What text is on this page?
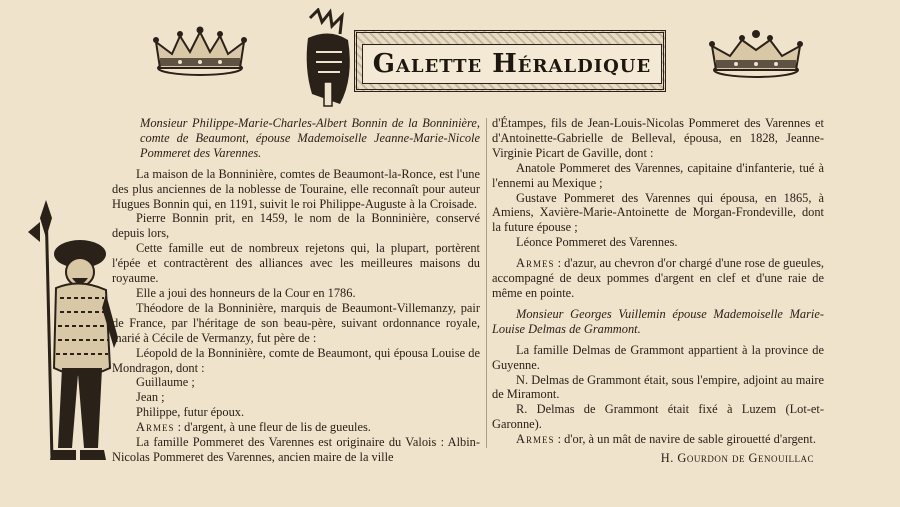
Galette Héraldique

Monsieur Philippe-Marie-Charles-Albert Bonnin de la Bonninière, comte de Beaumont, épouse Mademoiselle Jeanne-Marie-Nicole Pommeret des Varennes.

La maison de la Bonninière, comtes de Beaumont-la-Ronce, est l'une des plus anciennes de la noblesse de Touraine, elle reconnaît pour auteur Hugues Bonnin qui, en 1191, suivit le roi Philippe-Auguste à la Croisade.

Pierre Bonnin prit, en 1459, le nom de la Bonninière, conservé depuis lors,

Cette famille eut de nombreux rejetons qui, la plupart, portèrent l'épée et contractèrent des alliances avec les meilleures maisons du royaume.

Elle a joui des honneurs de la Cour en 1786.

Théodore de la Bonninière, marquis de Beaumont-Villemanzy, pair de France, par l'héritage de son beau-père, suivant ordonnance royale, marié à Cécile de Vermanzy, fut père de :

Léopold de la Bonninière, comte de Beaumont, qui épousa Louise de Mondragon, dont :

Guillaume ;

Jean ;

Philippe, futur époux.

Armes : d'argent, à une fleur de lis de gueules.

La famille Pommeret des Varennes est originaire du Valois : Albin-Nicolas Pommeret des Varennes, ancien maire de la ville

d'Étampes, fils de Jean-Louis-Nicolas Pommeret des Varennes et d'Antoinette-Gabrielle de Belleval, épousa, en 1828, Jeanne-Virginie Picart de Gaville, dont :

Anatole Pommeret des Varennes, capitaine d'infanterie, tué à l'ennemi au Mexique ;

Gustave Pommeret des Varennes qui épousa, en 1865, à Amiens, Xavière-Marie-Antoinette de Morgan-Frondeville, dont la future épouse ;

Léonce Pommeret des Varennes.

Armes : d'azur, au chevron d'or chargé d'une rose de gueules, accompagné de deux pommes d'argent en clef et d'une raie de même en pointe.

Monsieur Georges Vuillemin épouse Mademoiselle Marie-Louise Delmas de Grammont.

La famille Delmas de Grammont appartient à la province de Guyenne.

N. Delmas de Grammont était, sous l'empire, adjoint au maire de Miramont.

R. Delmas de Grammont était fixé à Luzem (Lot-et-Garonne).

Armes : d'or, à un mât de navire de sable girouetté d'argent.

H. Gourdon de Genouillac
